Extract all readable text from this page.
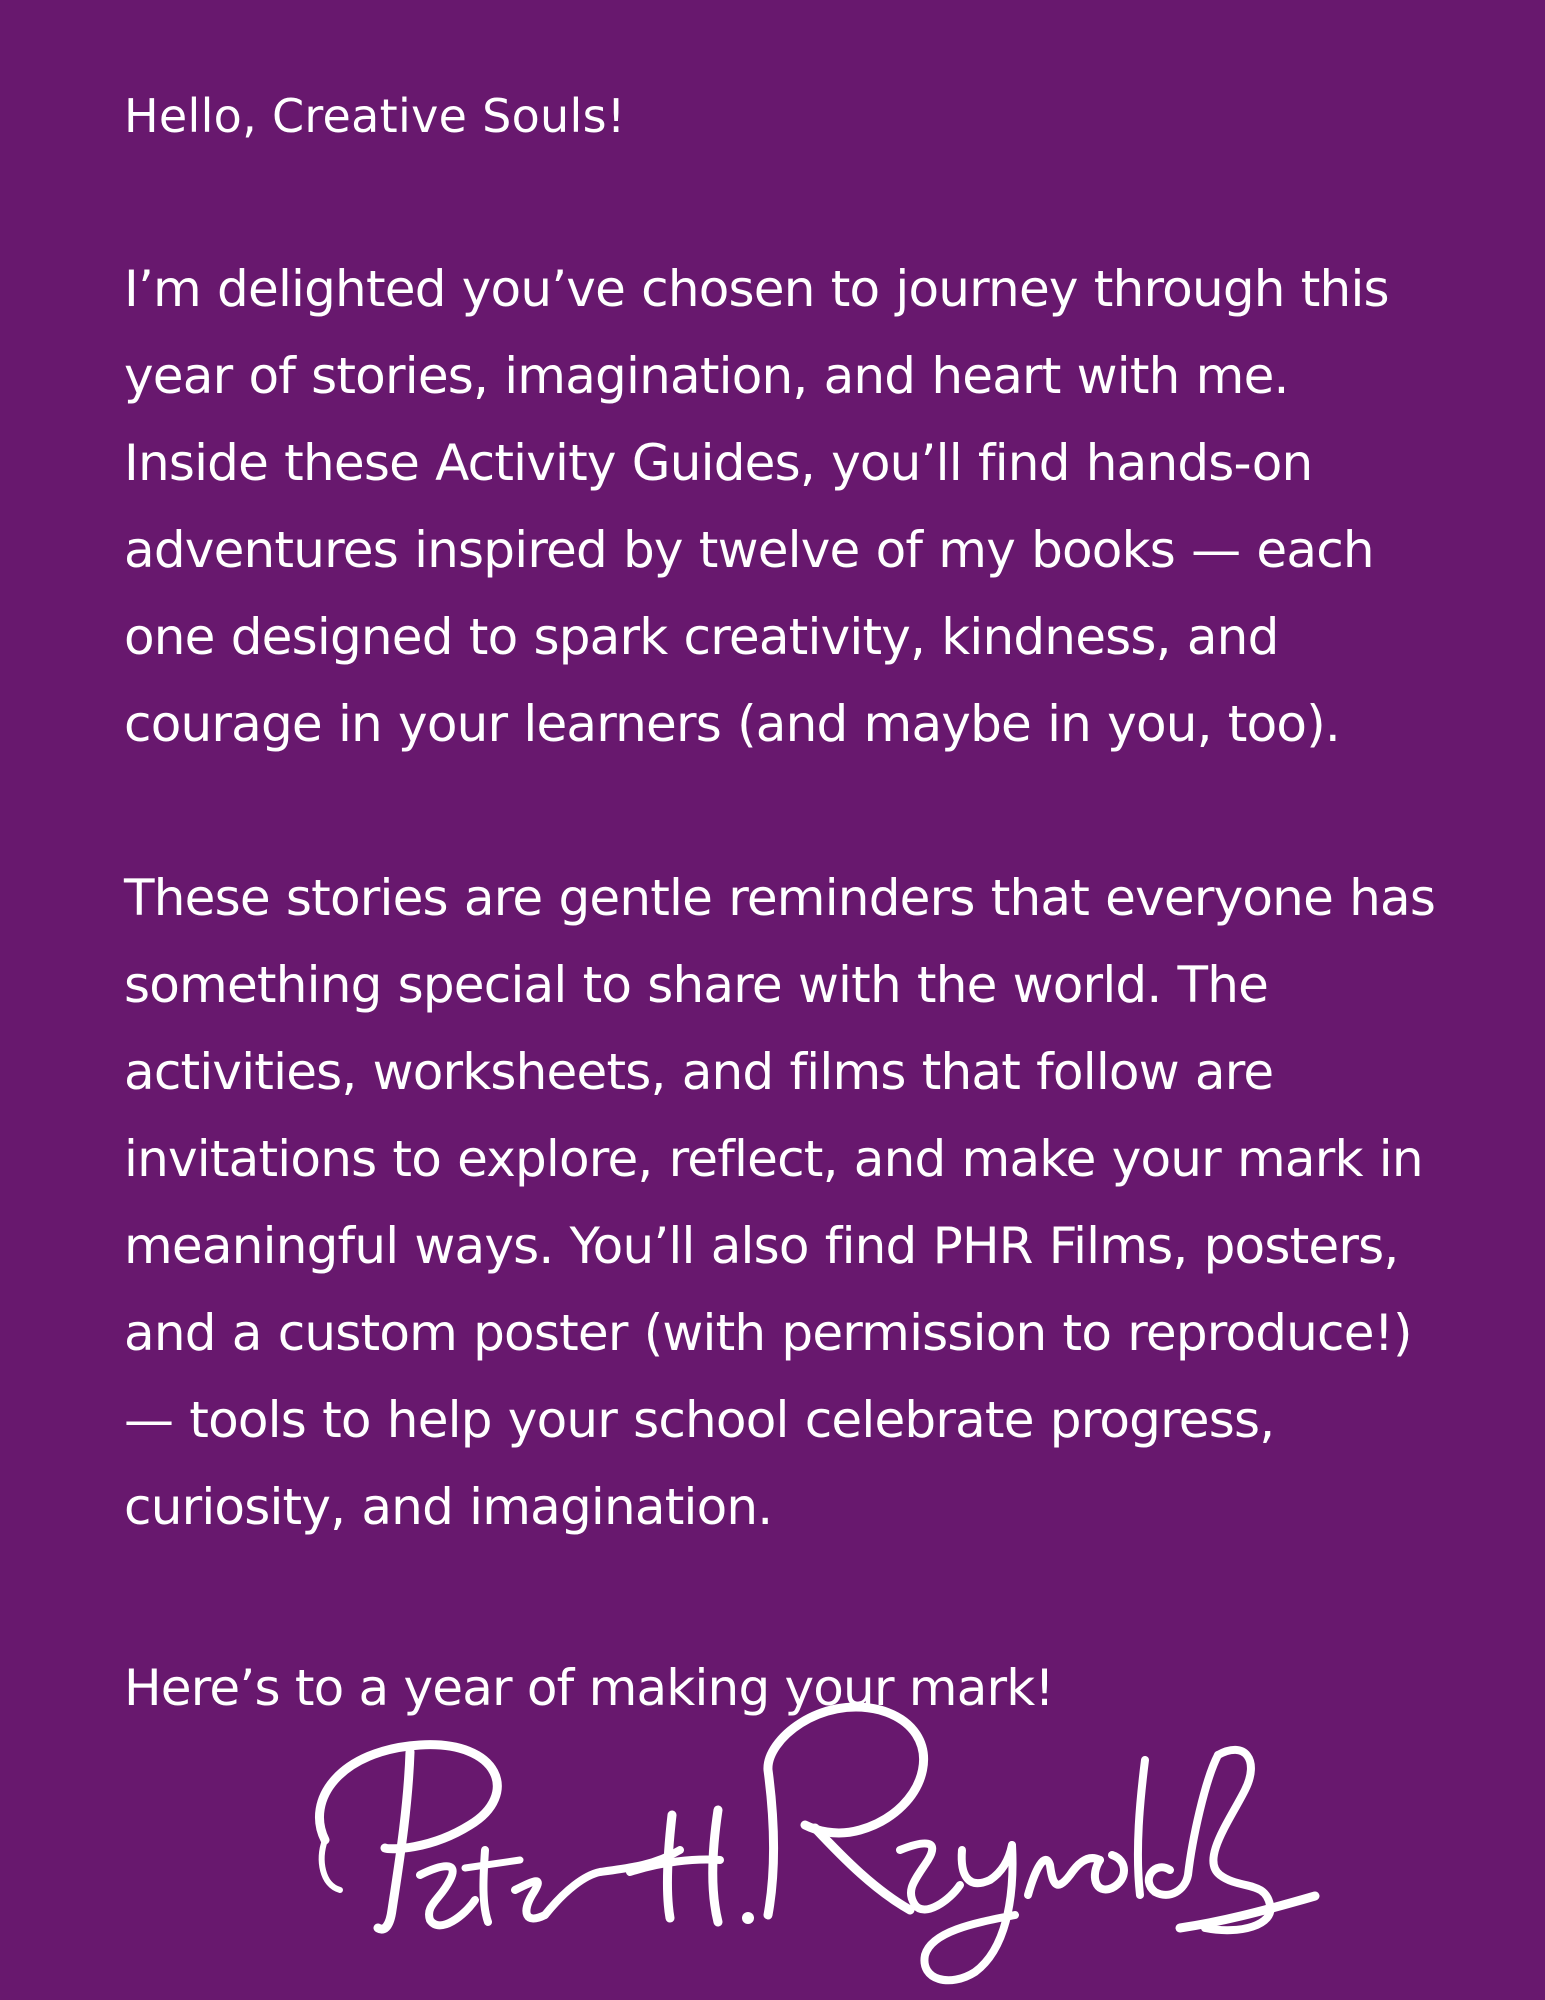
Hello, Creative Souls!

I’m delighted you’ve chosen to journey through this year of stories, imagination, and heart with me. Inside these Activity Guides, you’ll find hands-on adventures inspired by twelve of my books — each one designed to spark creativity, kindness, and courage in your learners (and maybe in you, too).

These stories are gentle reminders that everyone has something special to share with the world. The activities, worksheets, and films that follow are invitations to explore, reflect, and make your mark in meaningful ways. You’ll also find PHR Films, posters, and a custom poster (with permission to reproduce!) — tools to help your school celebrate progress, curiosity, and imagination.

Here’s to a year of making your mark!
